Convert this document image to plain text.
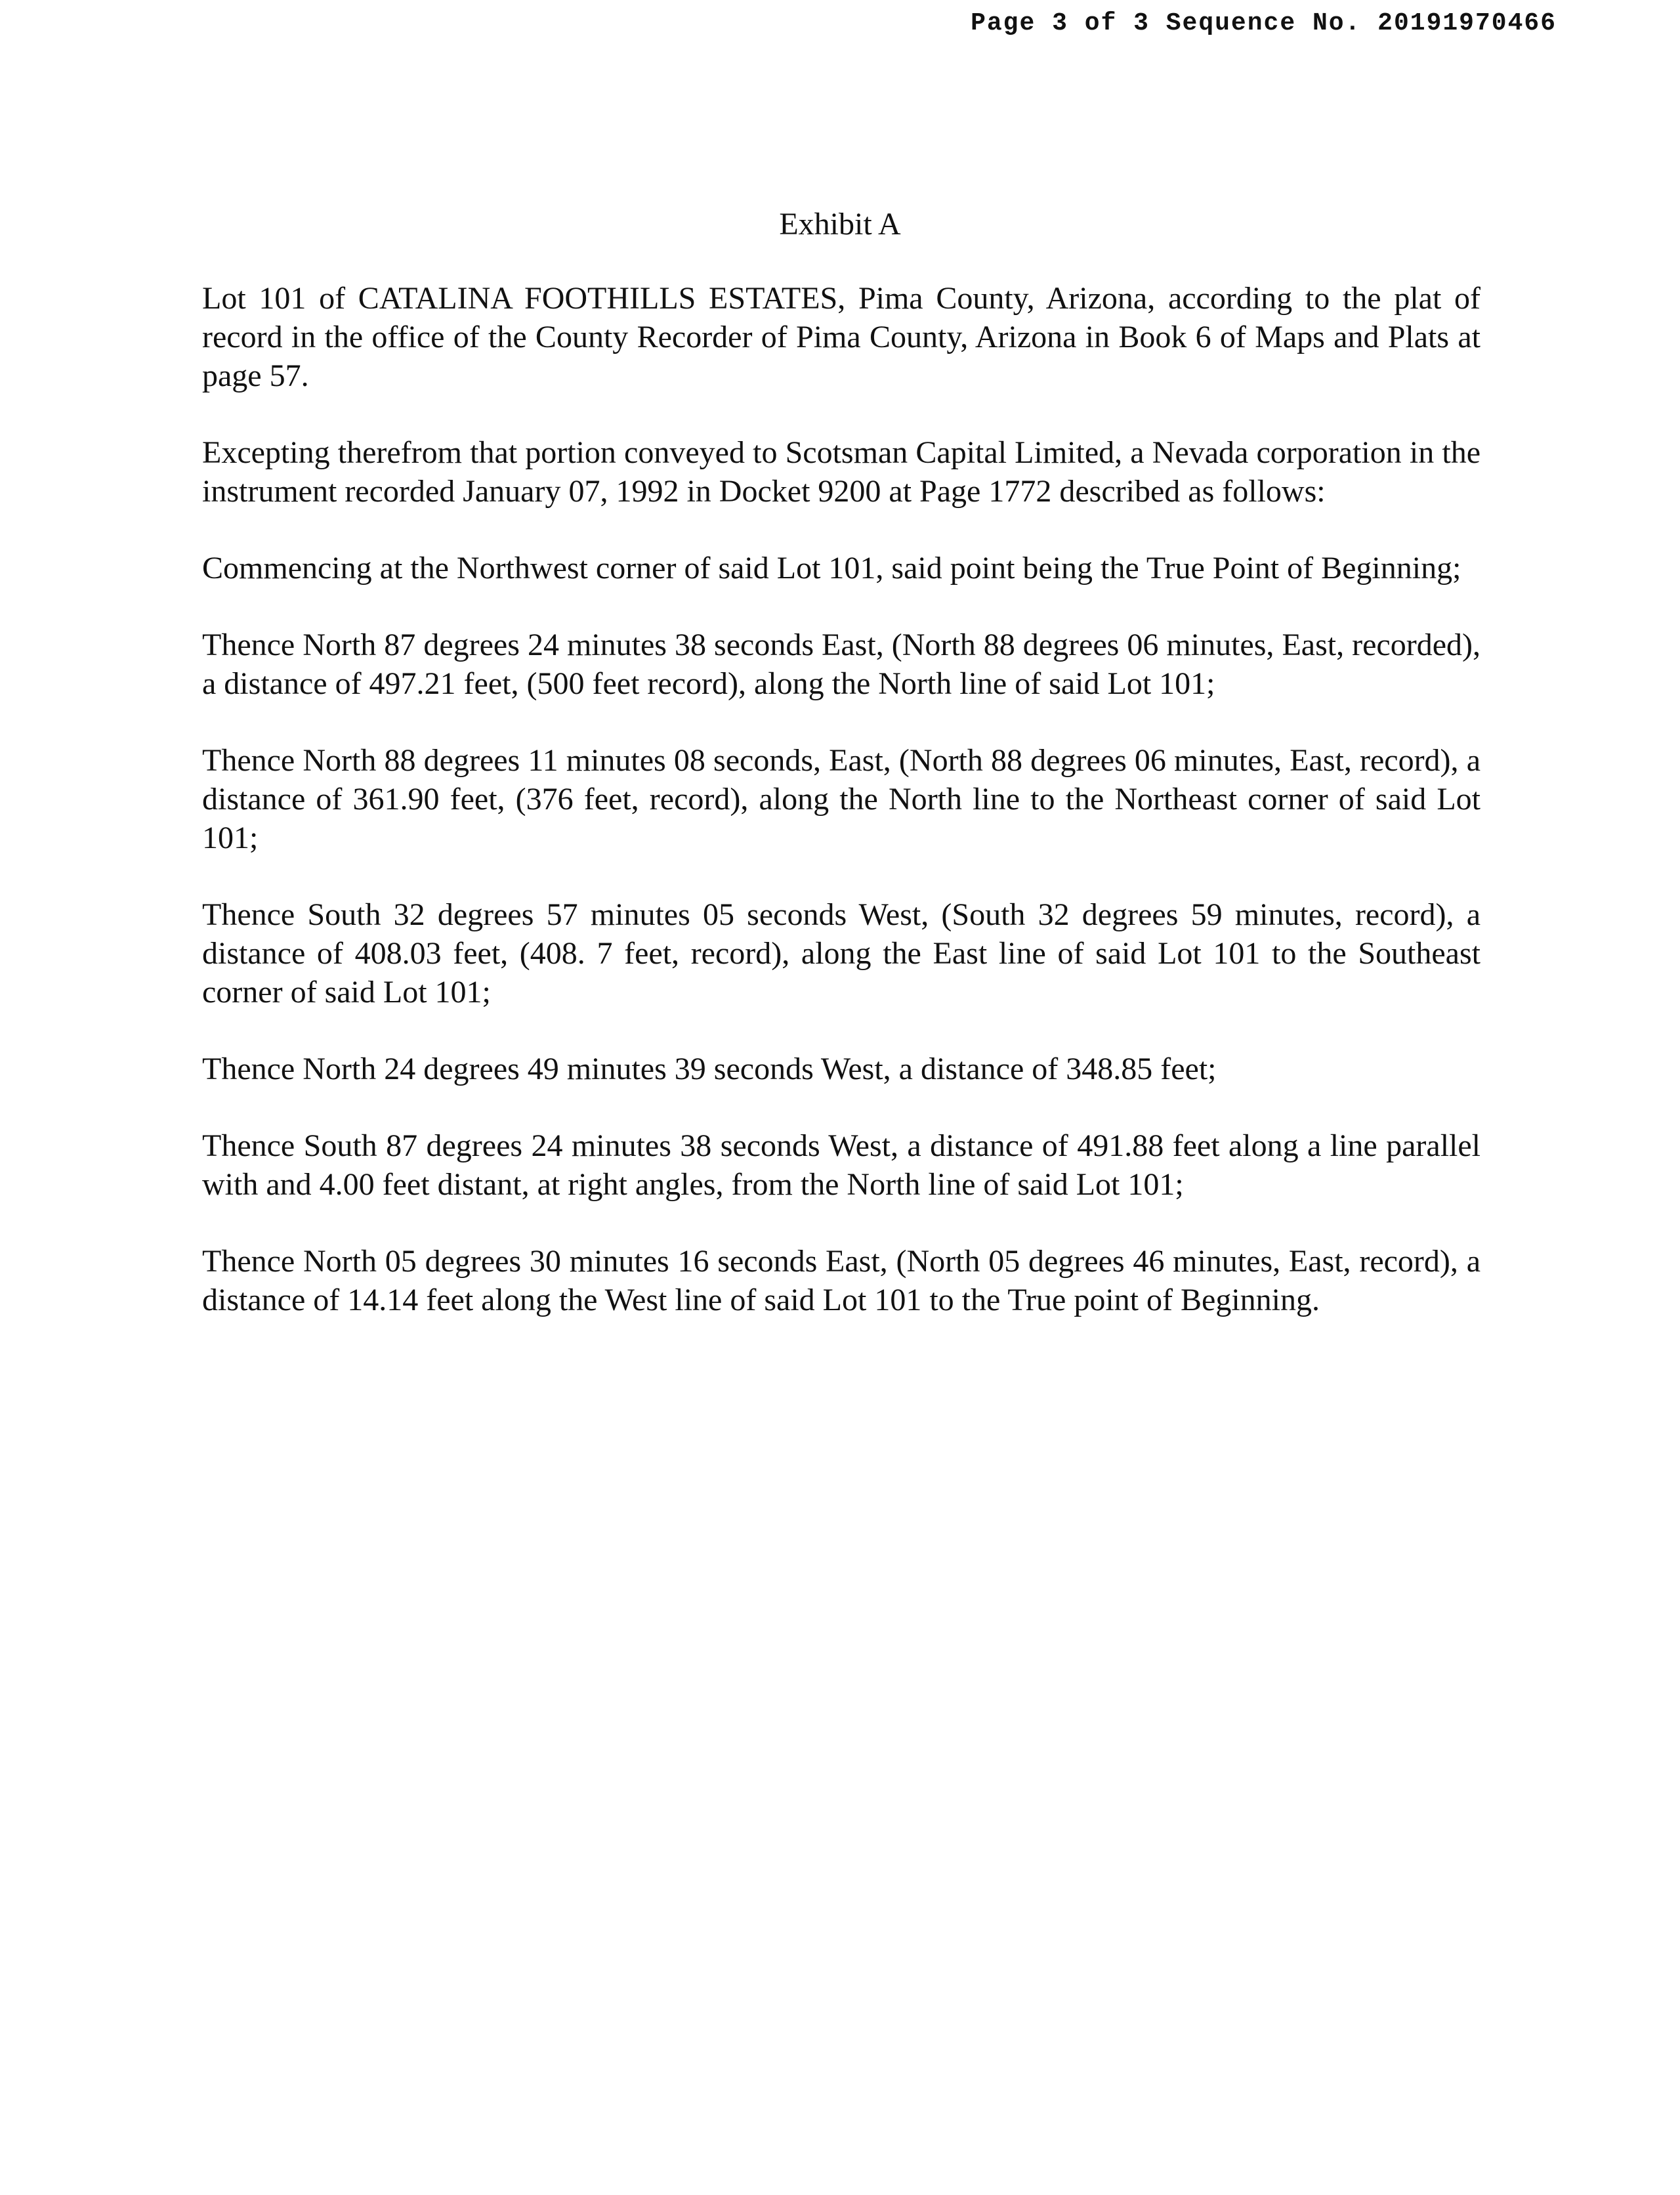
Page 3 of 3 Sequence No. 20191970466
Exhibit A

Lot 101 of CATALINA FOOTHILLS ESTATES, Pima County, Arizona, according to the plat of record in the office of the County Recorder of Pima County, Arizona in Book 6 of Maps and Plats at page 57.

Excepting therefrom that portion conveyed to Scotsman Capital Limited, a Nevada corporation in the instrument recorded January 07, 1992 in Docket 9200 at Page 1772 described as follows:

Commencing at the Northwest corner of said Lot 101, said point being the True Point of Beginning;

Thence North 87 degrees 24 minutes 38 seconds East, (North 88 degrees 06 minutes, East, recorded), a distance of 497.21 feet, (500 feet record), along the North line of said Lot 101;

Thence North 88 degrees 11 minutes 08 seconds, East, (North 88 degrees 06 minutes, East, record), a distance of 361.90 feet, (376 feet, record), along the North line to the Northeast corner of said Lot 101;

Thence South 32 degrees 57 minutes 05 seconds West, (South 32 degrees 59 minutes, record), a distance of 408.03 feet, (408. 7 feet, record), along the East line of said Lot 101 to the Southeast corner of said Lot 101;

Thence North 24 degrees 49 minutes 39 seconds West, a distance of 348.85 feet;

Thence South 87 degrees 24 minutes 38 seconds West, a distance of 491.88 feet along a line parallel with and 4.00 feet distant, at right angles, from the North line of said Lot 101;

Thence North 05 degrees 30 minutes 16 seconds East, (North 05 degrees 46 minutes, East, record), a distance of 14.14 feet along the West line of said Lot 101 to the True point of Beginning.
